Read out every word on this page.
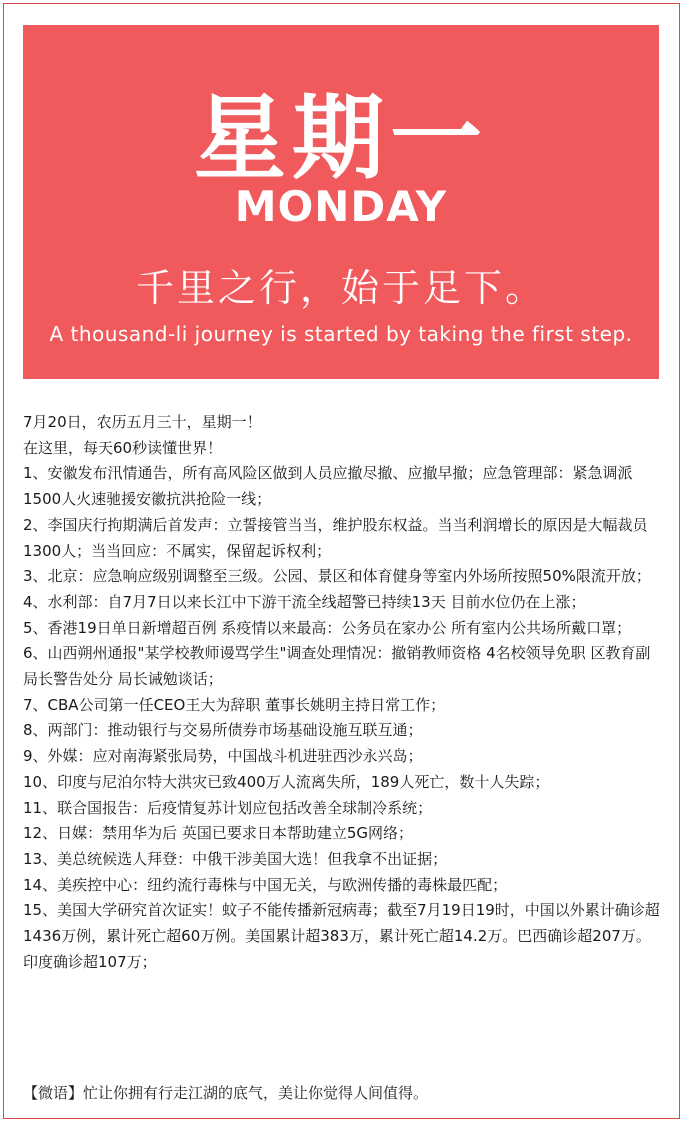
星期一
MONDAY
千里之行，始于足下。
A thousand-li journey is started by taking the first step.

7月20日，农历五月三十，星期一！

在这里，每天60秒读懂世界！

1、安徽发布汛情通告，所有高风险区做到人员应撤尽撤、应撤早撤；应急管理部：紧急调派1500人火速驰援安徽抗洪抢险一线；

2、李国庆行拘期满后首发声：立誓接管当当，维护股东权益。当当利润增长的原因是大幅裁员1300人；当当回应：不属实，保留起诉权利；

3、北京：应急响应级别调整至三级。公园、景区和体育健身等室内外场所按照50%限流开放；

4、水利部：自7月7日以来长江中下游干流全线超警已持续13天 目前水位仍在上涨；

5、香港19日单日新增超百例 系疫情以来最高：公务员在家办公 所有室内公共场所戴口罩；

6、山西朔州通报"某学校教师谩骂学生"调查处理情况：撤销教师资格 4名校领导免职 区教育副局长警告处分 局长诫勉谈话；

7、CBA公司第一任CEO王大为辞职 董事长姚明主持日常工作；

8、两部门：推动银行与交易所债券市场基础设施互联互通；

9、外媒：应对南海紧张局势，中国战斗机进驻西沙永兴岛；

10、印度与尼泊尔特大洪灾已致400万人流离失所，189人死亡，数十人失踪；

11、联合国报告：后疫情复苏计划应包括改善全球制冷系统；

12、日媒：禁用华为后 英国已要求日本帮助建立5G网络；

13、美总统候选人拜登：中俄干涉美国大选！但我拿不出证据；

14、美疾控中心：纽约流行毒株与中国无关，与欧洲传播的毒株最匹配；

15、美国大学研究首次证实！蚊子不能传播新冠病毒；截至7月19日19时，中国以外累计确诊超1436万例，累计死亡超60万例。美国累计超383万，累计死亡超14.2万。巴西确诊超207万。印度确诊超107万；

【微语】忙让你拥有行走江湖的底气，美让你觉得人间值得。
